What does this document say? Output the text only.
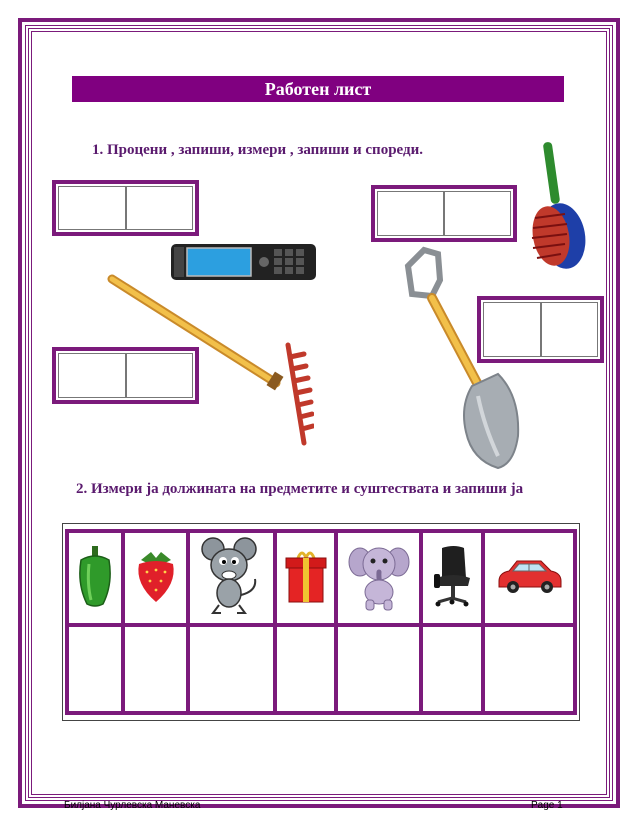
Работен лист
1. Процени , запиши, измери , запиши и спореди.
2. Измери ја должината на предметите и суштествата и запиши ја

Билјана Чурлевска Маневска	Page 1
